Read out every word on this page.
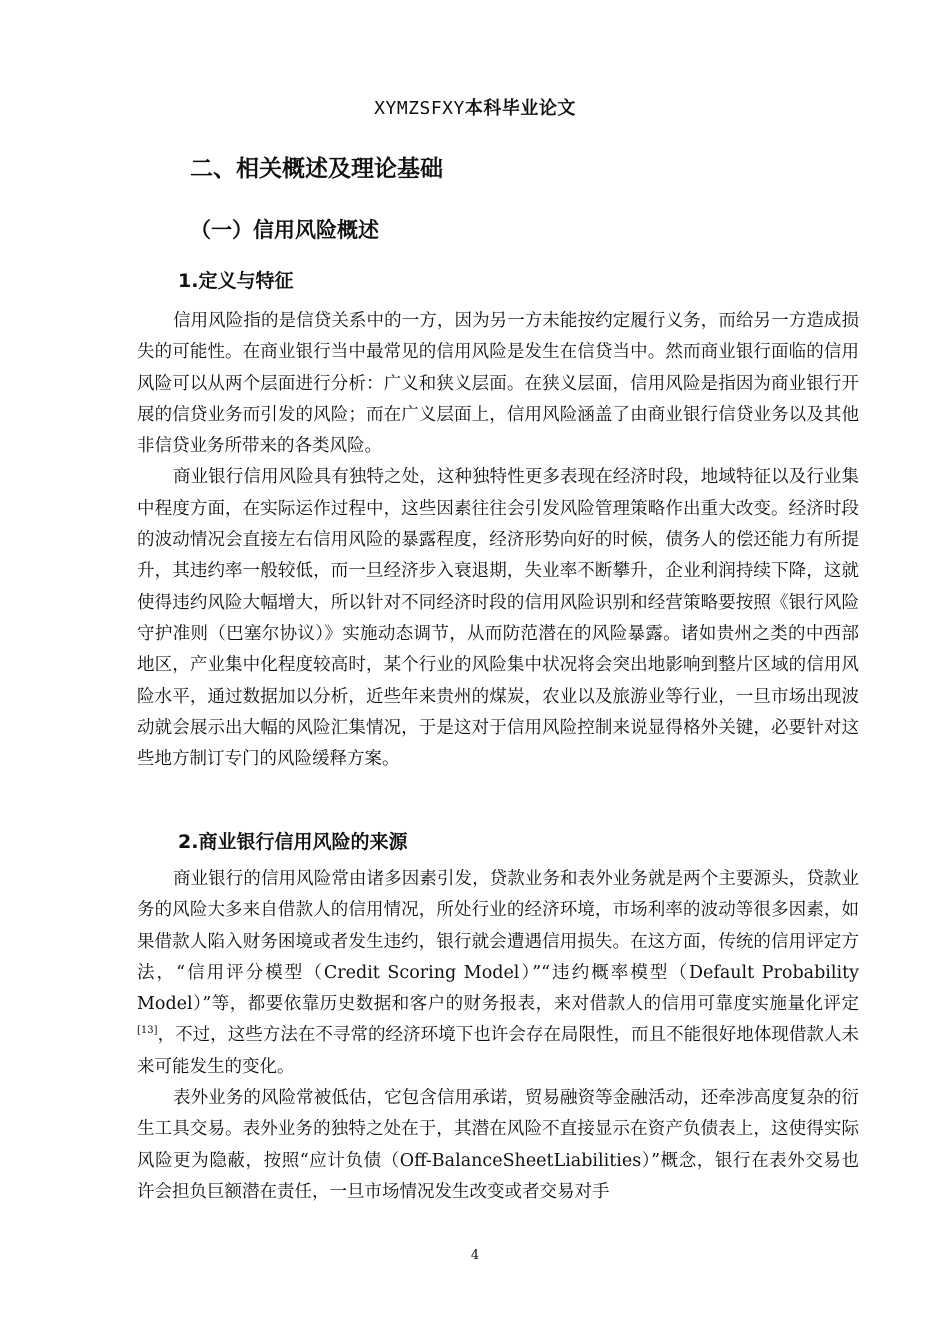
XYMZSFXY本科毕业论文
二、相关概述及理论基础
（一）信用风险概述
1.定义与特征

信用风险指的是信贷关系中的一方，因为另一方未能按约定履行义务，而给另一方造成损失的可能性。在商业银行当中最常见的信用风险是发生在信贷当中。然而商业银行面临的信用风险可以从两个层面进行分析：广义和狭义层面。在狭义层面，信用风险是指因为商业银行开展的信贷业务而引发的风险；而在广义层面上，信用风险涵盖了由商业银行信贷业务以及其他非信贷业务所带来的各类风险。

商业银行信用风险具有独特之处，这种独特性更多表现在经济时段，地域特征以及行业集中程度方面，在实际运作过程中，这些因素往往会引发风险管理策略作出重大改变。经济时段的波动情况会直接左右信用风险的暴露程度，经济形势向好的时候，债务人的偿还能力有所提升，其违约率一般较低，而一旦经济步入衰退期，失业率不断攀升，企业利润持续下降，这就使得违约风险大幅增大，所以针对不同经济时段的信用风险识别和经营策略要按照《银行风险守护准则（巴塞尔协议）》实施动态调节，从而防范潜在的风险暴露。诸如贵州之类的中西部地区，产业集中化程度较高时，某个行业的风险集中状况将会突出地影响到整片区域的信用风险水平，通过数据加以分析，近些年来贵州的煤炭，农业以及旅游业等行业，一旦市场出现波动就会展示出大幅的风险汇集情况，于是这对于信用风险控制来说显得格外关键，必要针对这些地方制订专门的风险缓释方案。

2.商业银行信用风险的来源

商业银行的信用风险常由诸多因素引发，贷款业务和表外业务就是两个主要源头，贷款业务的风险大多来自借款人的信用情况，所处行业的经济环境，市场利率的波动等很多因素，如果借款人陷入财务困境或者发生违约，银行就会遭遇信用损失。在这方面，传统的信用评定方法，“信用评分模型（Credit Scoring Model）”“违约概率模型（Default Probability Model）”等，都要依靠历史数据和客户的财务报表，来对借款人的信用可靠度实施量化评定[13]，不过，这些方法在不寻常的经济环境下也许会存在局限性，而且不能很好地体现借款人未来可能发生的变化。

表外业务的风险常被低估，它包含信用承诺，贸易融资等金融活动，还牵涉高度复杂的衍生工具交易。表外业务的独特之处在于，其潜在风险不直接显示在资产负债表上，这使得实际风险更为隐蔽，按照“应计负债（Off-BalanceSheetLiabilities）”概念，银行在表外交易也许会担负巨额潜在责任，一旦市场情况发生改变或者交易对手

4
